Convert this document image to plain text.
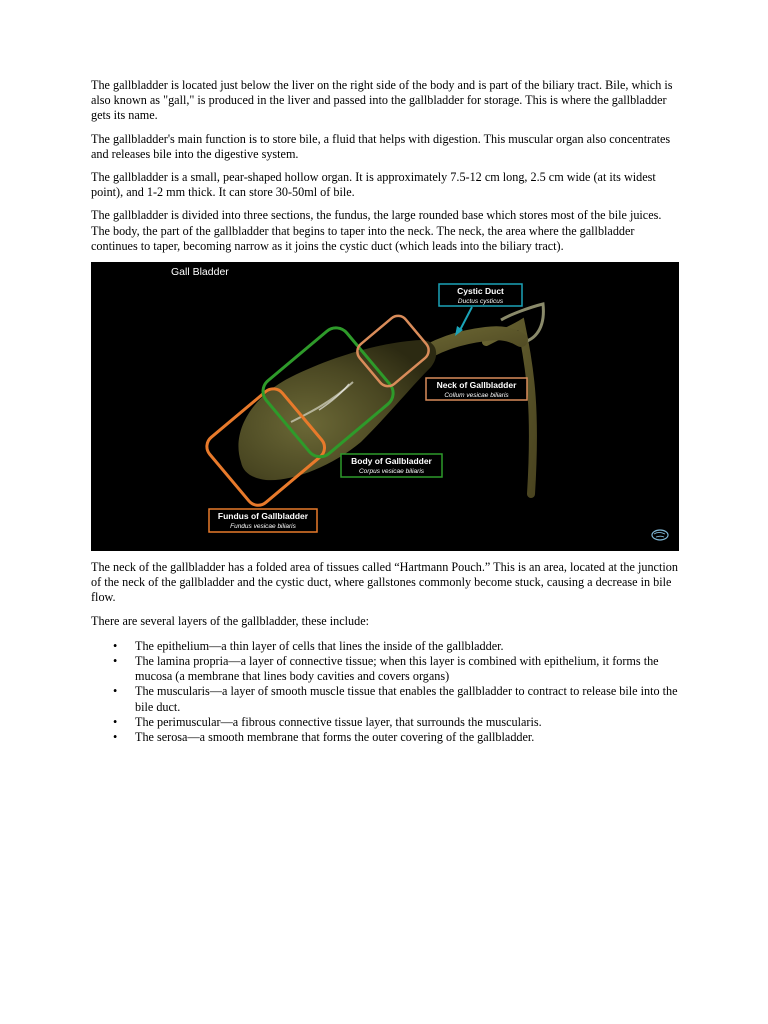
The gallbladder is located just below the liver on the right side of the body and is part of the biliary tract. Bile, which is also known as "gall," is produced in the liver and passed into the gallbladder for storage. This is where the gallbladder gets its name.

The gallbladder's main function is to store bile, a fluid that helps with digestion. This muscular organ also concentrates and releases bile into the digestive system.

The gallbladder is a small, pear-shaped hollow organ. It is approximately 7.5-12 cm long, 2.5 cm wide (at its widest point), and 1-2 mm thick. It can store 30-50ml of bile.

The gallbladder is divided into three sections, the fundus, the large rounded base which stores most of the bile juices. The body, the part of the gallbladder that begins to taper into the neck. The neck, the area where the gallbladder continues to taper, becoming narrow as it joins the cystic duct (which leads into the biliary tract).

Gall Bladder
Cystic Duct
Ductus cysticus
Neck of Gallbladder
Collum vesicae biliaris
Body of Gallbladder
Corpus vesicae biliaris
Fundus of Gallbladder
Fundus vesicae biliaris

The neck of the gallbladder has a folded area of tissues called “Hartmann Pouch.” This is an area, located at the junction of the neck of the gallbladder and the cystic duct, where gallstones commonly become stuck, causing a decrease in bile flow.

There are several layers of the gallbladder, these include:

• The epithelium—a thin layer of cells that lines the inside of the gallbladder.
• The lamina propria—a layer of connective tissue; when this layer is combined with epithelium, it forms the mucosa (a membrane that lines body cavities and covers organs)
• The muscularis—a layer of smooth muscle tissue that enables the gallbladder to contract to release bile into the bile duct.
• The perimuscular—a fibrous connective tissue layer, that surrounds the muscularis.
• The serosa—a smooth membrane that forms the outer covering of the gallbladder.
